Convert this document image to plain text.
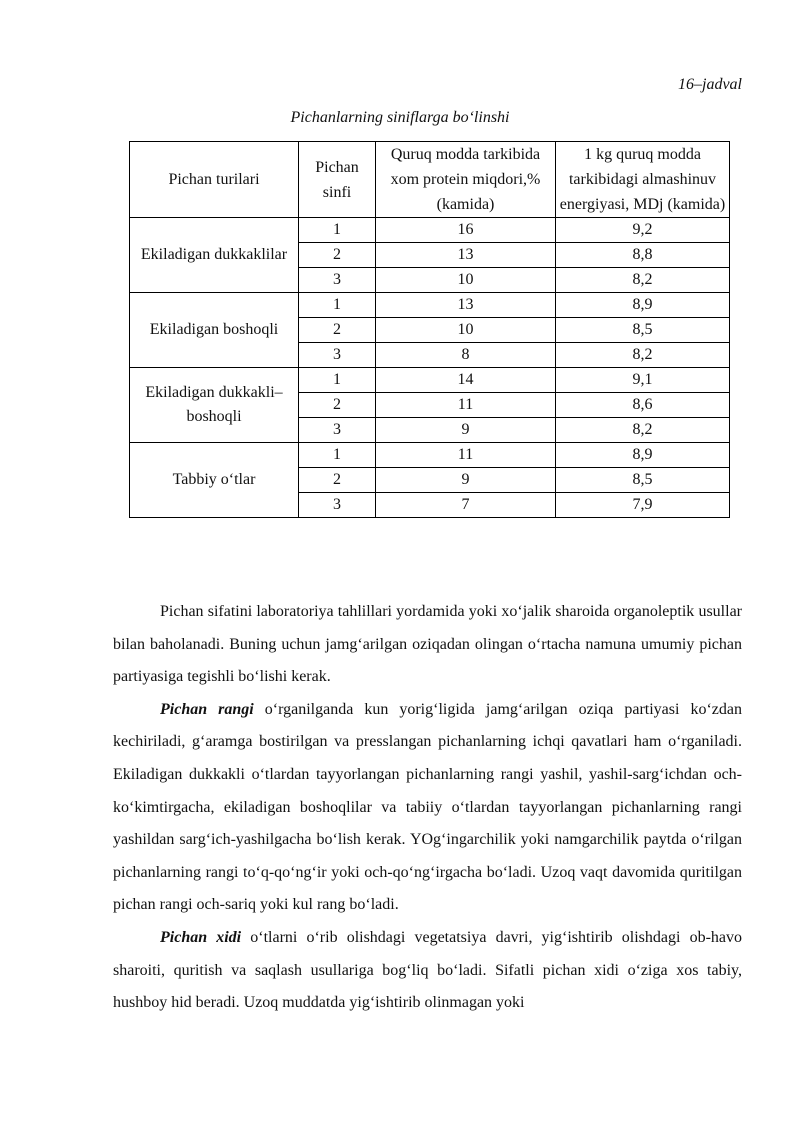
16–jadval
Pichanlarning siniflarga bo‘linshi
Pichan turilari	Pichan sinfi	Quruq modda tarkibida xom protein miqdori,% (kamida)	1 kg quruq modda tarkibidagi almashinuv energiyasi, MDj (kamida)
Ekiladigan dukkaklilar	1	16	9,2
	2	13	8,8
	3	10	8,2
Ekiladigan boshoqli	1	13	8,9
	2	10	8,5
	3	8	8,2
Ekiladigan dukkakli–boshoqli	1	14	9,1
	2	11	8,6
	3	9	8,2
Tabbiy o‘tlar	1	11	8,9
	2	9	8,5
	3	7	7,9

Pichan sifatini laboratoriya tahlillari yordamida yoki xo‘jalik sharoida organoleptik usullar bilan baholanadi. Buning uchun jamg‘arilgan oziqadan olingan o‘rtacha namuna umumiy pichan partiyasiga tegishli bo‘lishi kerak.

Pichan rangi o‘rganilganda kun yorig‘ligida jamg‘arilgan oziqa partiyasi ko‘zdan kechiriladi, g‘aramga bostirilgan va presslangan pichanlarning ichqi qavatlari ham o‘rganiladi. Ekiladigan dukkakli o‘tlardan tayyorlangan pichanlarning rangi yashil, yashil-sarg‘ichdan och-ko‘kimtirgacha, ekiladigan boshoqlilar va tabiiy o‘tlardan tayyorlangan pichanlarning rangi yashildan sarg‘ich-yashilgacha bo‘lish kerak. YOg‘ingarchilik yoki namgarchilik paytda o‘rilgan pichanlarning rangi to‘q-qo‘ng‘ir yoki och-qo‘ng‘irgacha bo‘ladi. Uzoq vaqt davomida quritilgan pichan rangi och-sariq yoki kul rang bo‘ladi.

Pichan xidi o‘tlarni o‘rib olishdagi vegetatsiya davri, yig‘ishtirib olishdagi ob-havo sharoiti, quritish va saqlash usullariga bog‘liq bo‘ladi. Sifatli pichan xidi o‘ziga xos tabiy, hushboy hid beradi. Uzoq muddatda yig‘ishtirib olinmagan yoki
